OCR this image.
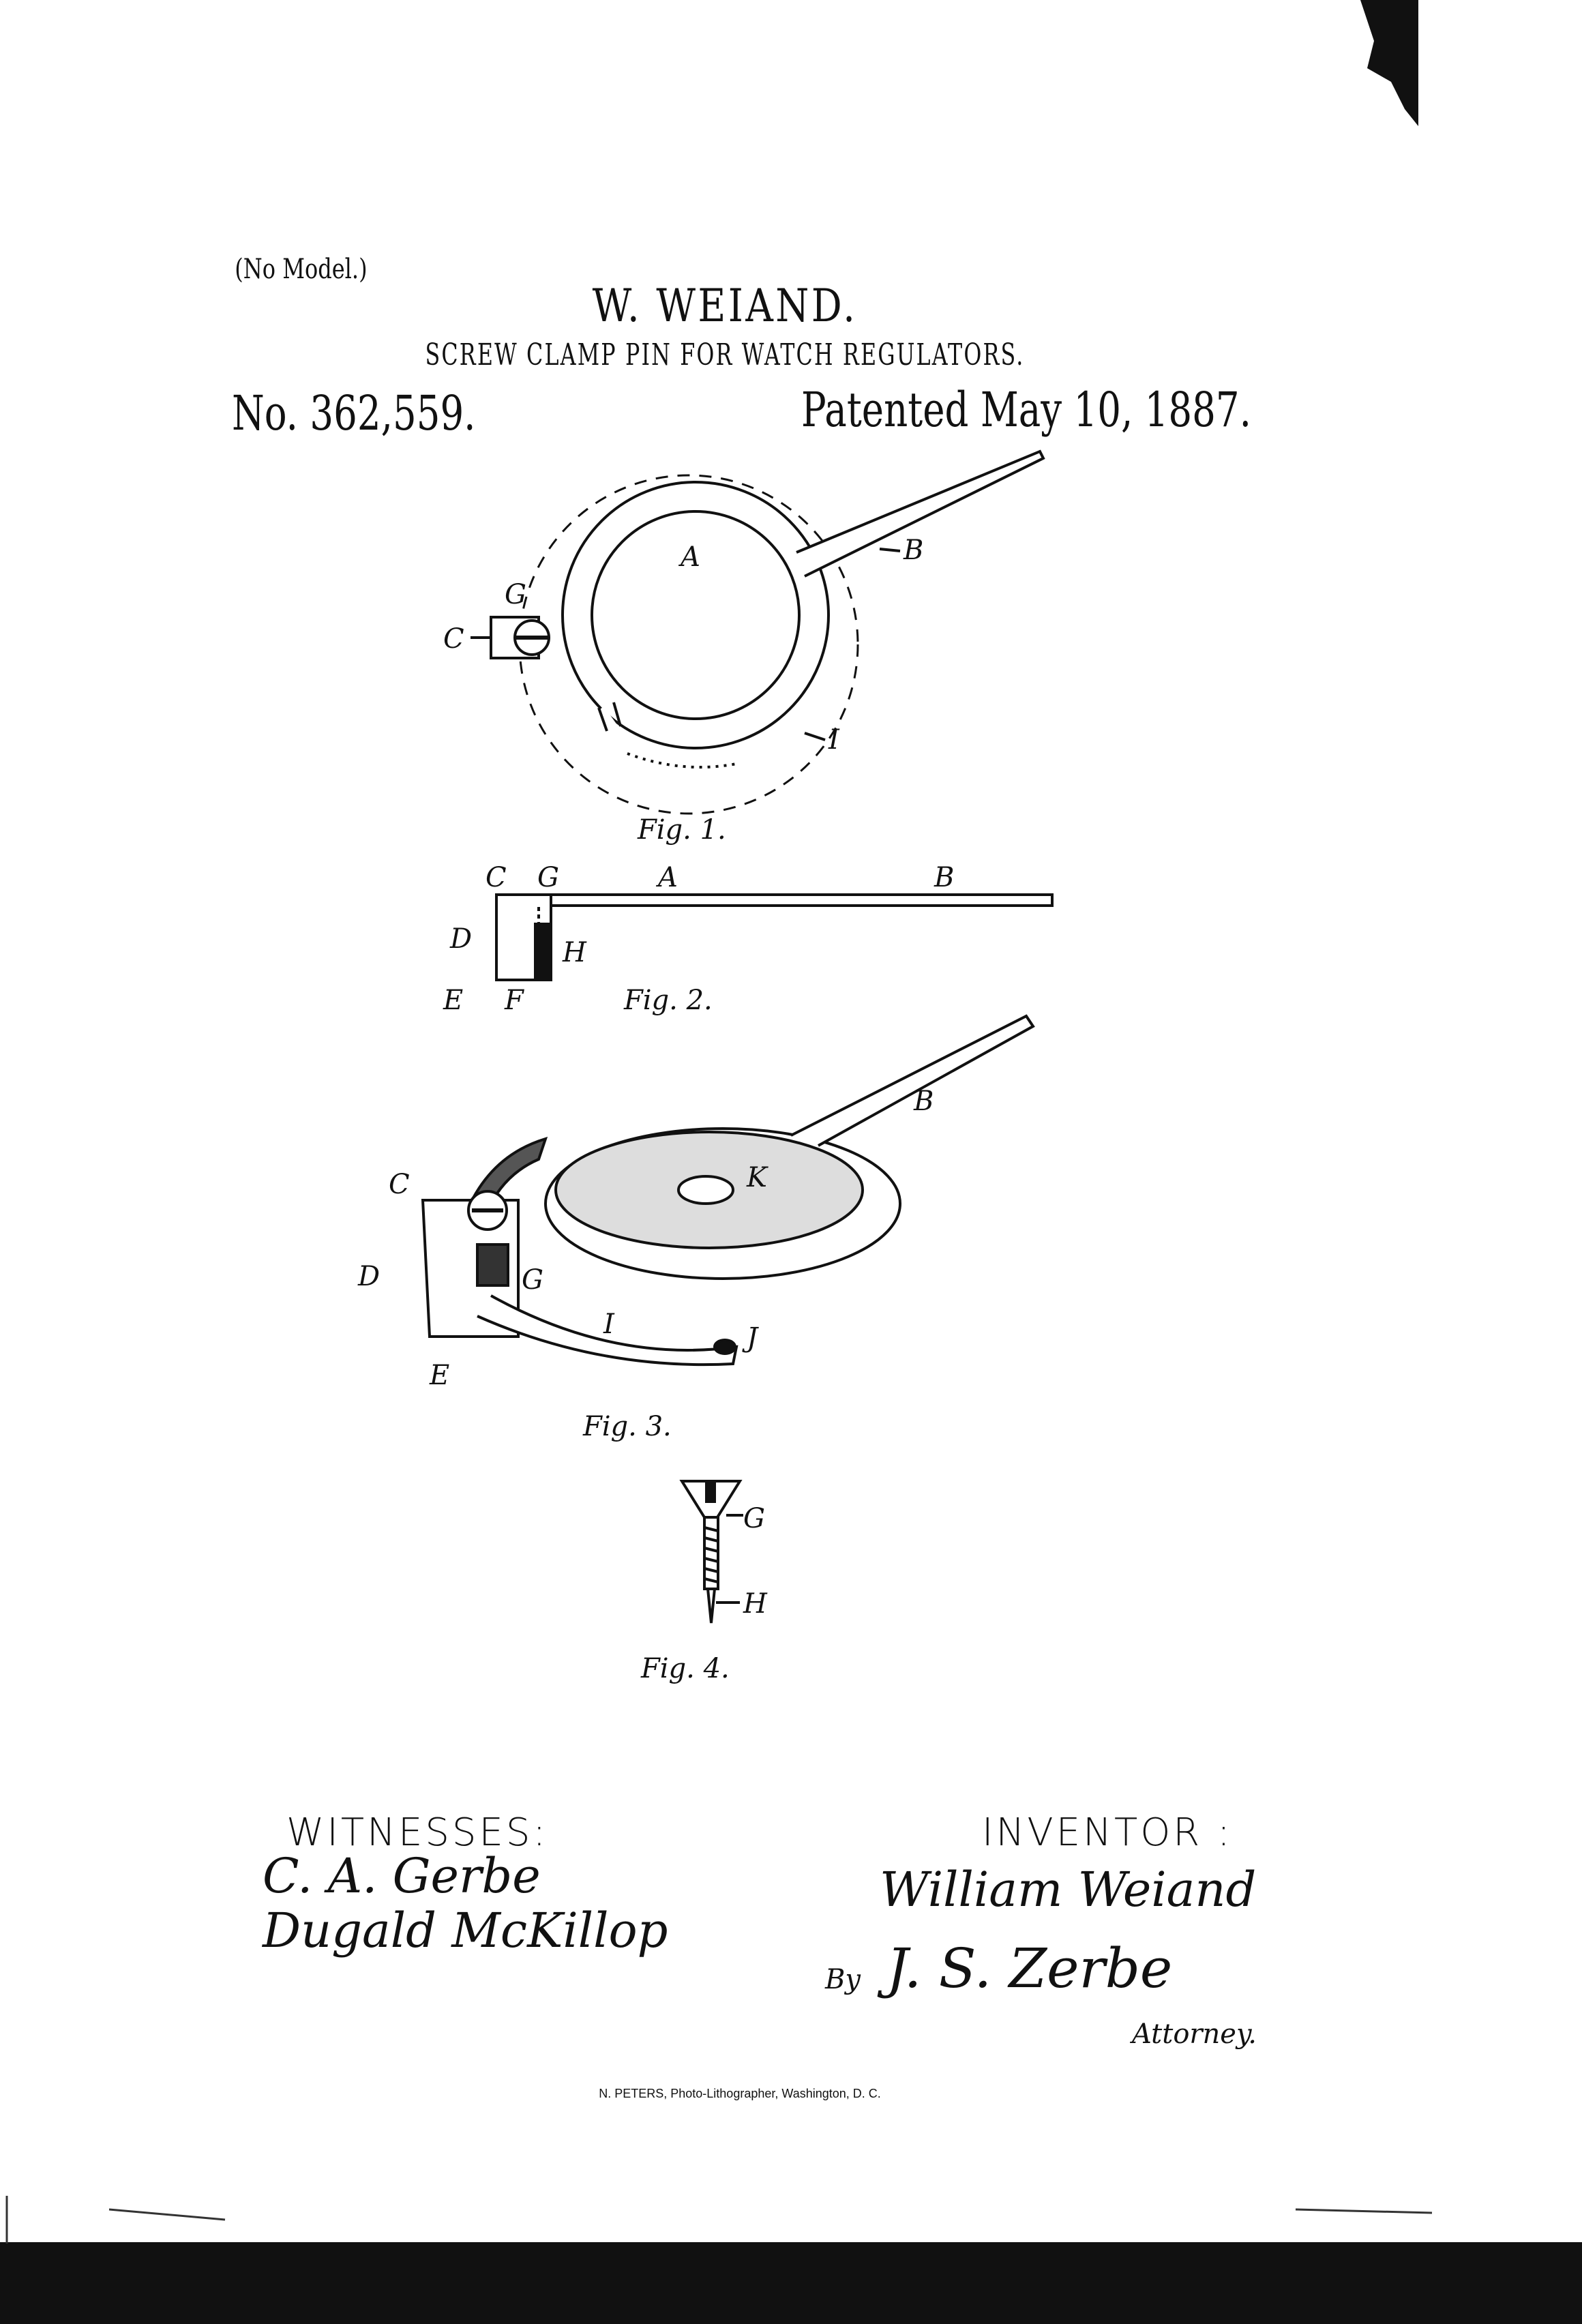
(No Model.)
W. WEIAND.
SCREW CLAMP PIN FOR WATCH REGULATORS.
No. 362,559.	Patented May 10, 1887.
A	B
C
G
I
Fig. 1.
C G	A	B
D	H
E F	Fig. 2.
B
K
C
D	G
I	J
E
Fig. 3.
G
H
Fig. 4.
WITNESSES:
C. A. Gerbe
Dugald McKillop
INVENTOR :
William Weiand
By J. S. Zerbe
Attorney.
N. PETERS, Photo-Lithographer, Washington, D. C.
